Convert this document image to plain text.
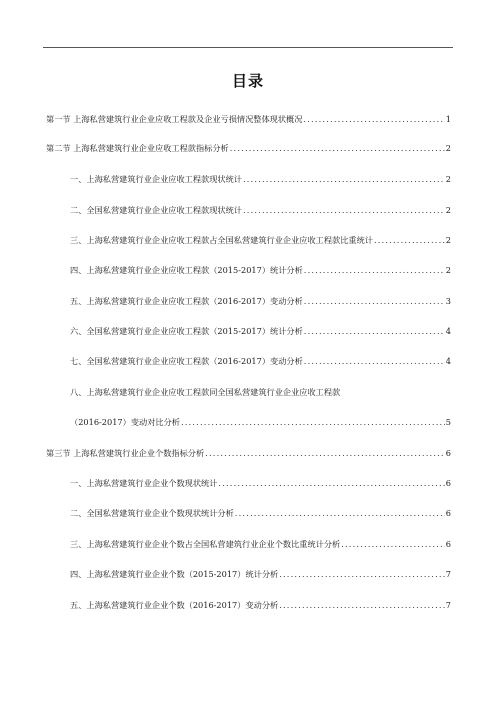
目录
第一节 上海私营建筑行业企业应收工程款及企业亏损情况整体现状概况 .....	1
第二节 上海私营建筑行业企业应收工程款指标分析 .....	2
一、上海私营建筑行业企业应收工程款现状统计 .....	2
二、全国私营建筑行业企业应收工程款现状统计 .....	2
三、上海私营建筑行业企业应收工程款占全国私营建筑行业企业应收工程款比重统计 .....	2
四、上海私营建筑行业企业应收工程款（2015-2017）统计分析 .....	2
五、上海私营建筑行业企业应收工程款（2016-2017）变动分析 .....	3
六、全国私营建筑行业企业应收工程款（2015-2017）统计分析 .....	4
七、全国私营建筑行业企业应收工程款（2016-2017）变动分析 .....	4
八、上海私营建筑行业企业应收工程款同全国私营建筑行业企业应收工程款
（2016-2017）变动对比分析 .....	5
第三节 上海私营建筑行业企业个数指标分析 .....	6
一、上海私营建筑行业企业个数现状统计 .....	6
二、全国私营建筑行业企业个数现状统计分析 .....	6
三、上海私营建筑行业企业个数占全国私营建筑行业企业个数比重统计分析 .....	6
四、上海私营建筑行业企业个数（2015-2017）统计分析 .....	7
五、上海私营建筑行业企业个数（2016-2017）变动分析 .....	7
